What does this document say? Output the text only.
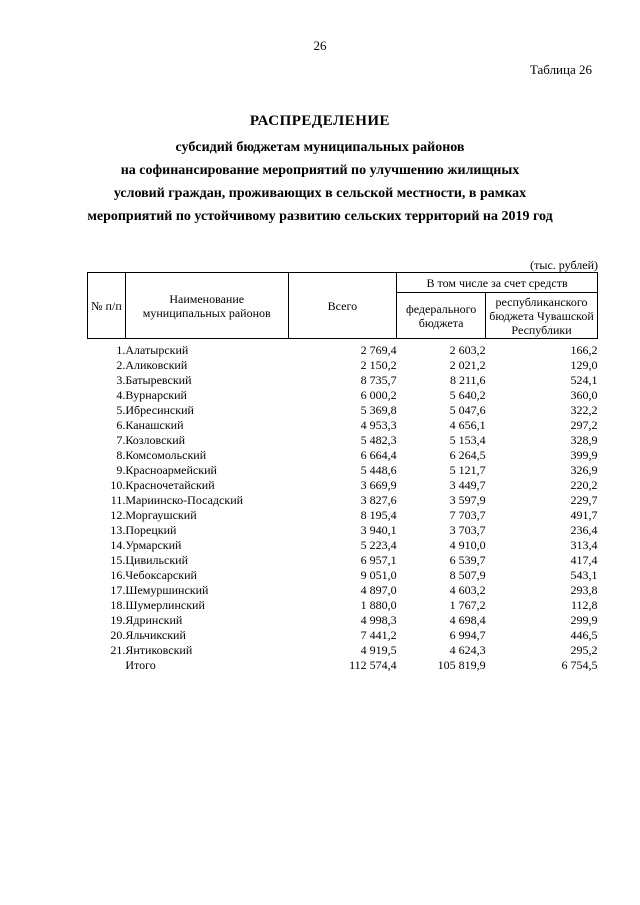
26
Таблица 26
РАСПРЕДЕЛЕНИЕ
субсидий бюджетам муниципальных районов
на софинансирование мероприятий по улучшению жилищных
условий граждан, проживающих в сельской местности, в рамках
мероприятий по устойчивому развитию сельских территорий на 2019 год
(тыс. рублей)
№ п/п	Наименование муниципальных районов	Всего	В том числе за счет средств	
			федерального бюджета	республиканского бюджета Чувашской Республики
1.	Алатырский	2 769,4	2 603,2	166,2
2.	Аликовский	2 150,2	2 021,2	129,0
3.	Батыревский	8 735,7	8 211,6	524,1
4.	Вурнарский	6 000,2	5 640,2	360,0
5.	Ибресинский	5 369,8	5 047,6	322,2
6.	Канашский	4 953,3	4 656,1	297,2
7.	Козловский	5 482,3	5 153,4	328,9
8.	Комсомольский	6 664,4	6 264,5	399,9
9.	Красноармейский	5 448,6	5 121,7	326,9
10.	Красночетайский	3 669,9	3 449,7	220,2
11.	Мариинско-Посадский	3 827,6	3 597,9	229,7
12.	Моргаушский	8 195,4	7 703,7	491,7
13.	Порецкий	3 940,1	3 703,7	236,4
14.	Урмарский	5 223,4	4 910,0	313,4
15.	Цивильский	6 957,1	6 539,7	417,4
16.	Чебоксарский	9 051,0	8 507,9	543,1
17.	Шемуршинский	4 897,0	4 603,2	293,8
18.	Шумерлинский	1 880,0	1 767,2	112,8
19.	Ядринский	4 998,3	4 698,4	299,9
20.	Яльчикский	7 441,2	6 994,7	446,5
21.	Янтиковский	4 919,5	4 624,3	295,2
	Итого	112 574,4	105 819,9	6 754,5
